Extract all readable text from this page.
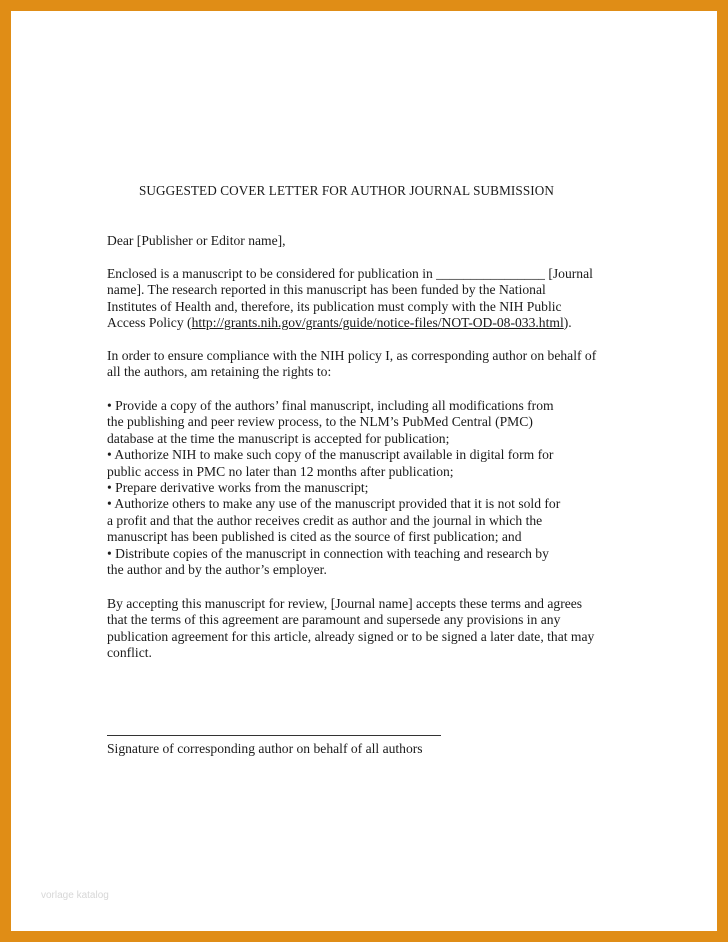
SUGGESTED COVER LETTER FOR AUTHOR JOURNAL SUBMISSION

Dear [Publisher or Editor name],

Enclosed is a manuscript to be considered for publication in ________________ [Journal
name]. The research reported in this manuscript has been funded by the National
Institutes of Health and, therefore, its publication must comply with the NIH Public
Access Policy (http://grants.nih.gov/grants/guide/notice-files/NOT-OD-08-033.html).

In order to ensure compliance with the NIH policy I, as corresponding author on behalf of
all the authors, am retaining the rights to:

• Provide a copy of the authors’ final manuscript, including all modifications from
the publishing and peer review process, to the NLM’s PubMed Central (PMC)
database at the time the manuscript is accepted for publication;
• Authorize NIH to make such copy of the manuscript available in digital form for
public access in PMC no later than 12 months after publication;
• Prepare derivative works from the manuscript;
• Authorize others to make any use of the manuscript provided that it is not sold for
a profit and that the author receives credit as author and the journal in which the
manuscript has been published is cited as the source of first publication; and
• Distribute copies of the manuscript in connection with teaching and research by
the author and by the author’s employer.

By accepting this manuscript for review, [Journal name] accepts these terms and agrees
that the terms of this agreement are paramount and supersede any provisions in any
publication agreement for this article, already signed or to be signed a later date, that may
conflict.

Signature of corresponding author on behalf of all authors
vorlage katalog
